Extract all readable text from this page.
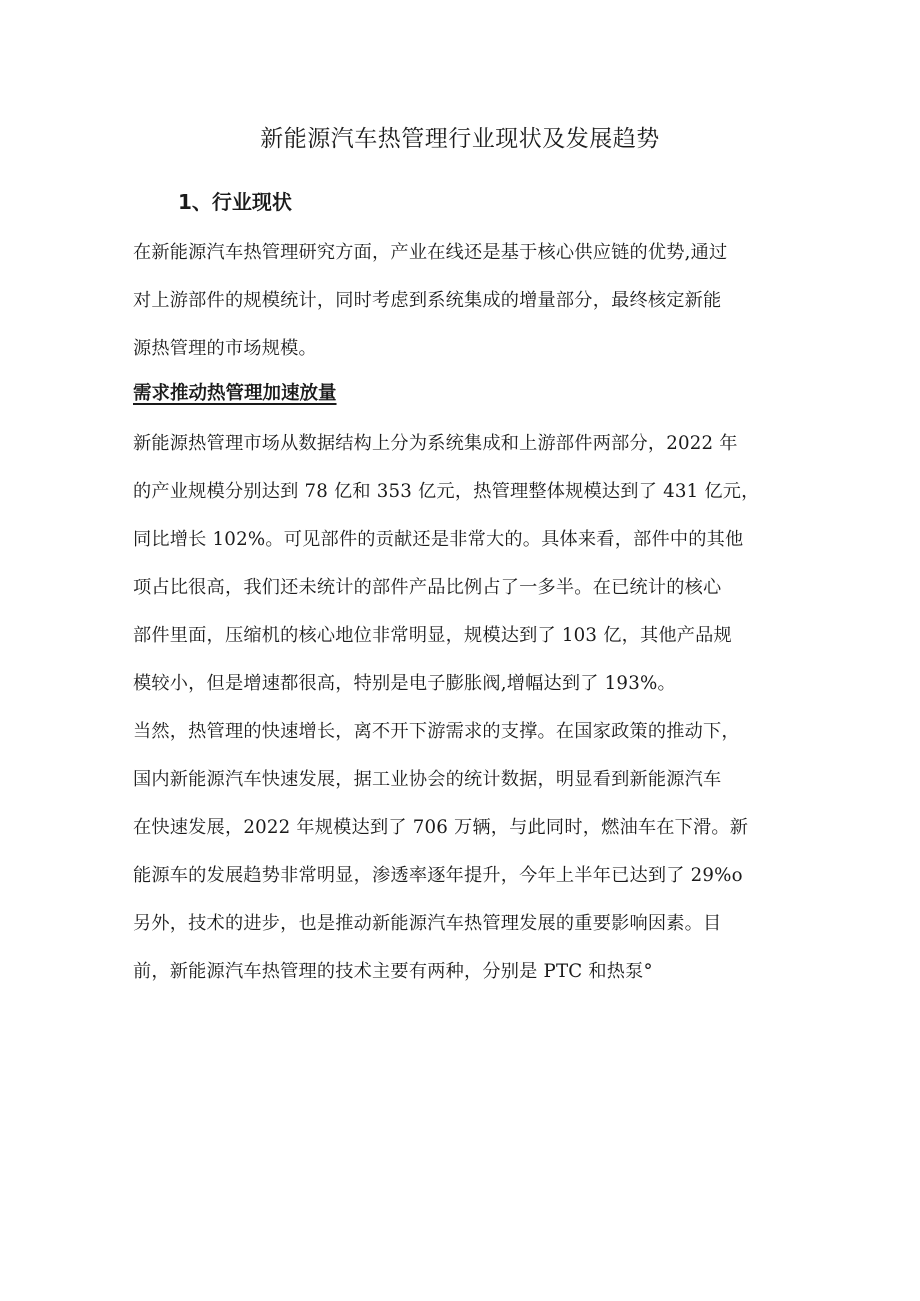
新能源汽车热管理行业现状及发展趋势
1、行业现状

在新能源汽车热管理研究方面，产业在线还是基于核心供应链的优势,通过
对上游部件的规模统计，同时考虑到系统集成的增量部分，最终核定新能
源热管理的市场规模。

需求推动热管理加速放量

新能源热管理市场从数据结构上分为系统集成和上游部件两部分，2022 年
的产业规模分别达到 78 亿和 353 亿元，热管理整体规模达到了 431 亿元，
同比增长 102%。可见部件的贡献还是非常大的。具体来看，部件中的其他
项占比很高，我们还未统计的部件产品比例占了一多半。在已统计的核心
部件里面，压缩机的核心地位非常明显，规模达到了 103 亿，其他产品规
模较小，但是增速都很高，特别是电子膨胀阀,增幅达到了 193%。

当然，热管理的快速增长，离不开下游需求的支撑。在国家政策的推动下，
国内新能源汽车快速发展，据工业协会的统计数据，明显看到新能源汽车
在快速发展，2022 年规模达到了 706 万辆，与此同时，燃油车在下滑。新
能源车的发展趋势非常明显，渗透率逐年提升，今年上半年已达到了 29%o
另外，技术的进步，也是推动新能源汽车热管理发展的重要影响因素。目
前，新能源汽车热管理的技术主要有两种，分别是 PTC 和热泵°
